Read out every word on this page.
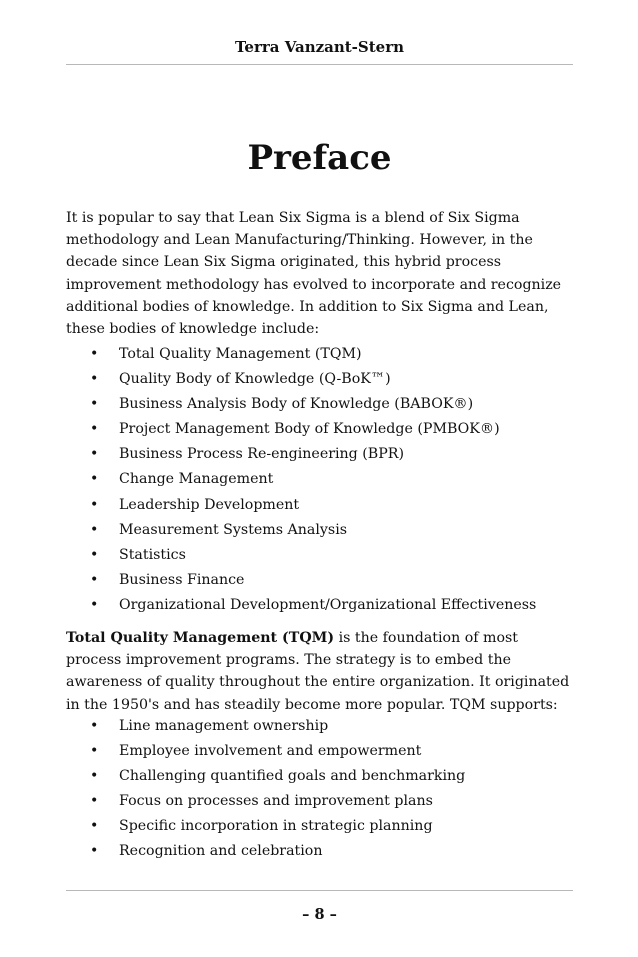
Terra Vanzant-Stern
Preface

It is popular to say that Lean Six Sigma is a blend of Six Sigma methodology and Lean Manufacturing/Thinking. However, in the decade since Lean Six Sigma originated, this hybrid process improvement methodology has evolved to incorporate and recognize additional bodies of knowledge. In addition to Six Sigma and Lean, these bodies of knowledge include:

• Total Quality Management (TQM)
• Quality Body of Knowledge (Q-BoK™)
• Business Analysis Body of Knowledge (BABOK®)
• Project Management Body of Knowledge (PMBOK®)
• Business Process Re-engineering (BPR)
• Change Management
• Leadership Development
• Measurement Systems Analysis
• Statistics
• Business Finance
• Organizational Development/Organizational Effectiveness

Total Quality Management (TQM) is the foundation of most process improvement programs. The strategy is to embed the awareness of quality throughout the entire organization. It originated in the 1950's and has steadily become more popular. TQM supports:

• Line management ownership
• Employee involvement and empowerment
• Challenging quantified goals and benchmarking
• Focus on processes and improvement plans
• Specific incorporation in strategic planning
• Recognition and celebration
– 8 –
